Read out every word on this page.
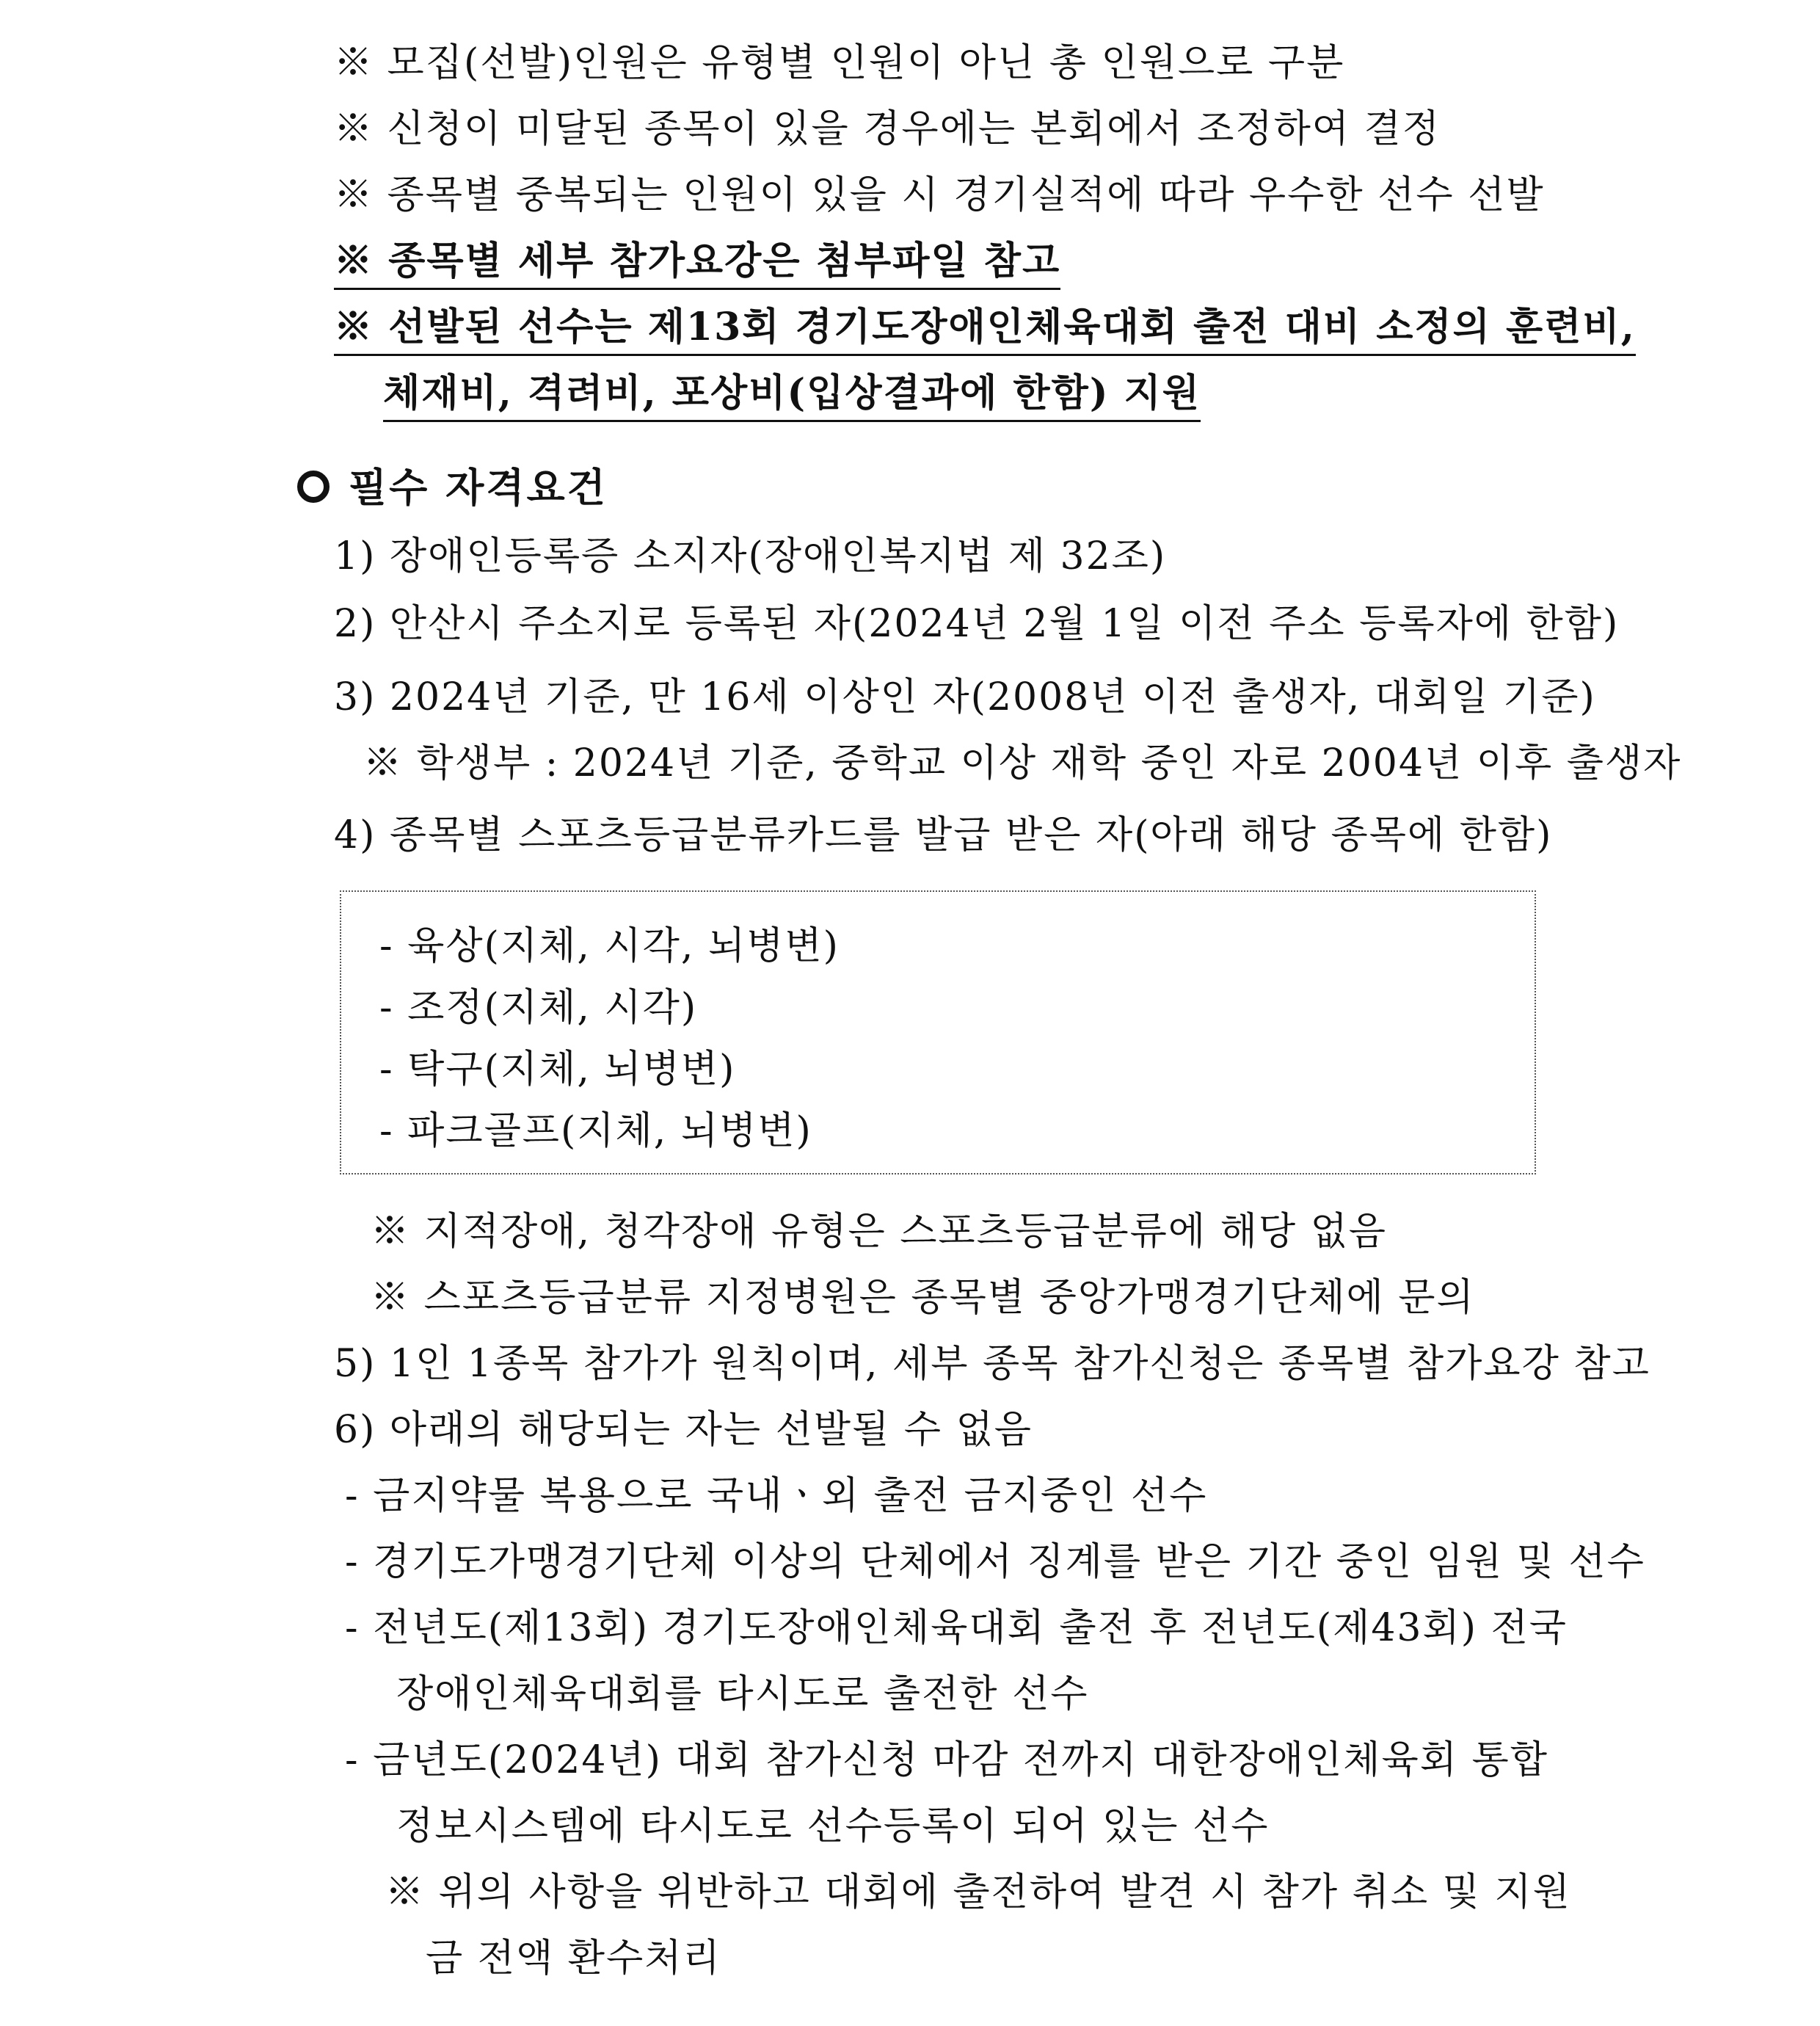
※ 모집(선발)인원은 유형별 인원이 아닌 총 인원으로 구분
※ 신청이 미달된 종목이 있을 경우에는 본회에서 조정하여 결정
※ 종목별 중복되는 인원이 있을 시 경기실적에 따라 우수한 선수 선발
※ 종목별 세부 참가요강은 첨부파일 참고
※ 선발된 선수는 제13회 경기도장애인체육대회 출전 대비 소정의 훈련비,
체재비, 격려비, 포상비(입상결과에 한함) 지원
필수 자격요건
1) 장애인등록증 소지자(장애인복지법 제 32조)
2) 안산시 주소지로 등록된 자(2024년 2월 1일 이전 주소 등록자에 한함)
3) 2024년 기준, 만 16세 이상인 자(2008년 이전 출생자, 대회일 기준)
※ 학생부 : 2024년 기준, 중학교 이상 재학 중인 자로 2004년 이후 출생자
4) 종목별 스포츠등급분류카드를 발급 받은 자(아래 해당 종목에 한함)
- 육상(지체, 시각, 뇌병변)
- 조정(지체, 시각)
- 탁구(지체, 뇌병변)
- 파크골프(지체, 뇌병변)
※ 지적장애, 청각장애 유형은 스포츠등급분류에 해당 없음
※ 스포츠등급분류 지정병원은 종목별 중앙가맹경기단체에 문의
5) 1인 1종목 참가가 원칙이며, 세부 종목 참가신청은 종목별 참가요강 참고
6) 아래의 해당되는 자는 선발될 수 없음
- 금지약물 복용으로 국내ㆍ외 출전 금지중인 선수
- 경기도가맹경기단체 이상의 단체에서 징계를 받은 기간 중인 임원 및 선수
- 전년도(제13회) 경기도장애인체육대회 출전 후 전년도(제43회) 전국
장애인체육대회를 타시도로 출전한 선수
- 금년도(2024년) 대회 참가신청 마감 전까지 대한장애인체육회 통합
정보시스템에 타시도로 선수등록이 되어 있는 선수
※ 위의 사항을 위반하고 대회에 출전하여 발견 시 참가 취소 및 지원
금 전액 환수처리
